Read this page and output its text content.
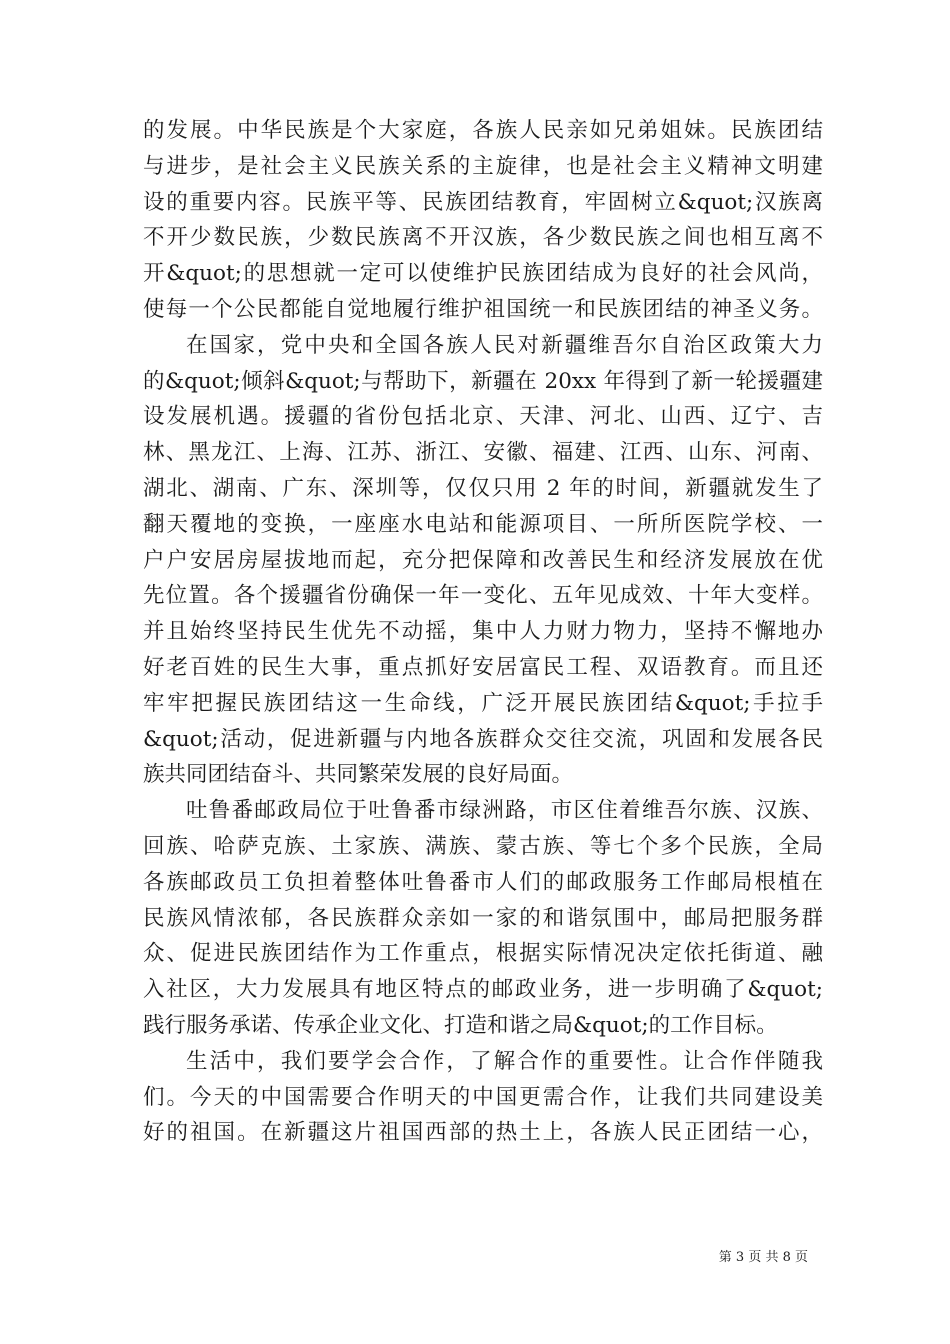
的发展。中华民族是个大家庭，各族人民亲如兄弟姐妹。民族团结
与进步，是社会主义民族关系的主旋律，也是社会主义精神文明建
设的重要内容。民族平等、民族团结教育，牢固树立&quot;汉族离
不开少数民族，少数民族离不开汉族，各少数民族之间也相互离不
开&quot;的思想就一定可以使维护民族团结成为良好的社会风尚，
使每一个公民都能自觉地履行维护祖国统一和民族团结的神圣义务。
在国家，党中央和全国各族人民对新疆维吾尔自治区政策大力
的&quot;倾斜&quot;与帮助下，新疆在 20xx 年得到了新一轮援疆建
设发展机遇。援疆的省份包括北京、天津、河北、山西、辽宁、吉
林、黑龙江、上海、江苏、浙江、安徽、福建、江西、山东、河南、
湖北、湖南、广东、深圳等，仅仅只用 2 年的时间，新疆就发生了
翻天覆地的变换，一座座水电站和能源项目、一所所医院学校、一
户户安居房屋拔地而起，充分把保障和改善民生和经济发展放在优
先位置。各个援疆省份确保一年一变化、五年见成效、十年大变样。
并且始终坚持民生优先不动摇，集中人力财力物力，坚持不懈地办
好老百姓的民生大事，重点抓好安居富民工程、双语教育。而且还
牢牢把握民族团结这一生命线，广泛开展民族团结&quot;手拉手
&quot;活动，促进新疆与内地各族群众交往交流，巩固和发展各民
族共同团结奋斗、共同繁荣发展的良好局面。
吐鲁番邮政局位于吐鲁番市绿洲路，市区住着维吾尔族、汉族、
回族、哈萨克族、土家族、满族、蒙古族、等七个多个民族，全局
各族邮政员工负担着整体吐鲁番市人们的邮政服务工作邮局根植在
民族风情浓郁，各民族群众亲如一家的和谐氛围中，邮局把服务群
众、促进民族团结作为工作重点，根据实际情况决定依托街道、融
入社区，大力发展具有地区特点的邮政业务，进一步明确了&quot;
践行服务承诺、传承企业文化、打造和谐之局&quot;的工作目标。
生活中，我们要学会合作，了解合作的重要性。让合作伴随我
们。今天的中国需要合作明天的中国更需合作，让我们共同建设美
好的祖国。在新疆这片祖国西部的热土上，各族人民正团结一心，
第 3 页 共 8 页
